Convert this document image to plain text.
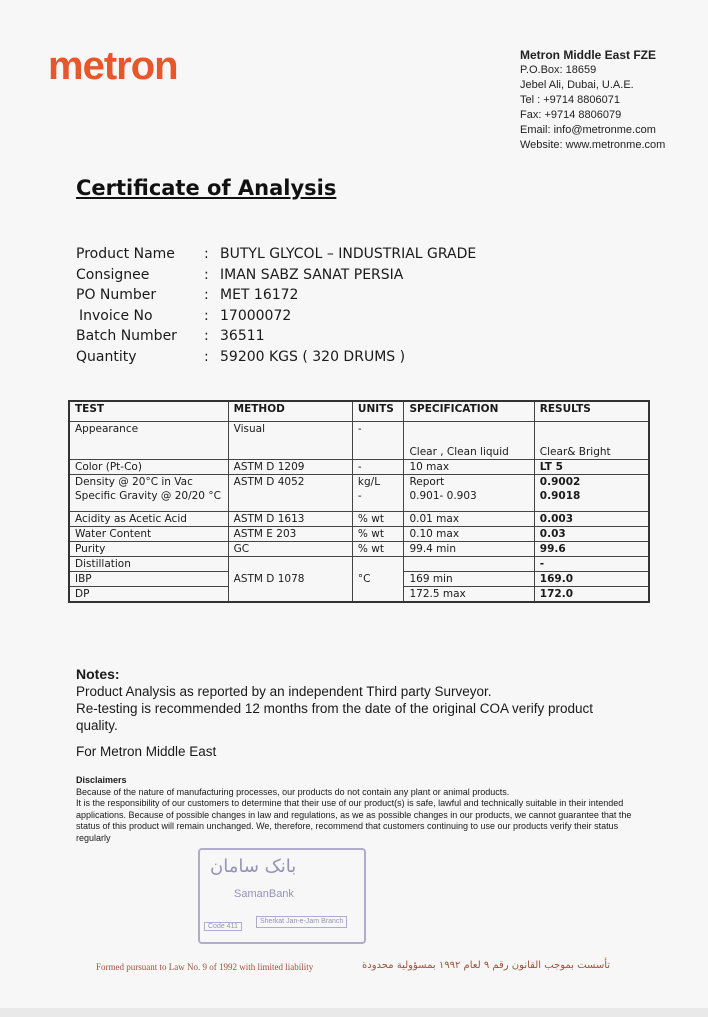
metron	Metron Middle East FZE
P.O.Box: 18659
Jebel Ali, Dubai, U.A.E.
Tel : +9714 8806071
Fax: +9714 8806079
Email: info@metronme.com
Website: www.metronme.com
Certificate of Analysis
Product Name	: BUTYL GLYCOL – INDUSTRIAL GRADE
Consignee	: IMAN SABZ SANAT PERSIA
PO Number	: MET 16172
Invoice No	: 17000072
Batch Number	: 36511
Quantity	: 59200 KGS ( 320 DRUMS )
TEST	METHOD	UNITS	SPECIFICATION	RESULTS
Appearance	Visual	-	Clear , Clean liquid	Clear& Bright
Color (Pt-Co)	ASTM D 1209	-	10 max	LT 5
Density @ 20°C in Vac	ASTM D 4052	kg/L	Report	0.9002
Specific Gravity @ 20/20 °C		-	0.901- 0.903	0.9018
Acidity as Acetic Acid	ASTM D 1613	% wt	0.01 max	0.003
Water Content	ASTM E 203	% wt	0.10 max	0.03
Purity	GC	% wt	99.4 min	99.6
Distillation	ASTM D 1078	°C		-
IBP			169 min	169.0
DP			172.5 max	172.0
Notes:
Product Analysis as reported by an independent Third party Surveyor.
Re-testing is recommended 12 months from the date of the original COA verify product quality.
For Metron Middle East
Disclaimers
Because of the nature of manufacturing processes, our products do not contain any plant or animal products.
It is the responsibility of our customers to determine that their use of our product(s) is safe, lawful and technically suitable in their intended applications. Because of possible changes in law and regulations, as we as possible changes in our products, we cannot guarantee that the status of this product will remain unchanged. We, therefore, recommend that customers continuing to use our products verify their status regularly
بانک سامان
SamanBank
Code 411
Sherkat Jan-e-Jam Branch
Formed pursuant to Law No. 9 of 1992 with limited liability	تأسست بموجب القانون رقم ٩ لعام ١٩٩٢ بمسؤولية محدودة
